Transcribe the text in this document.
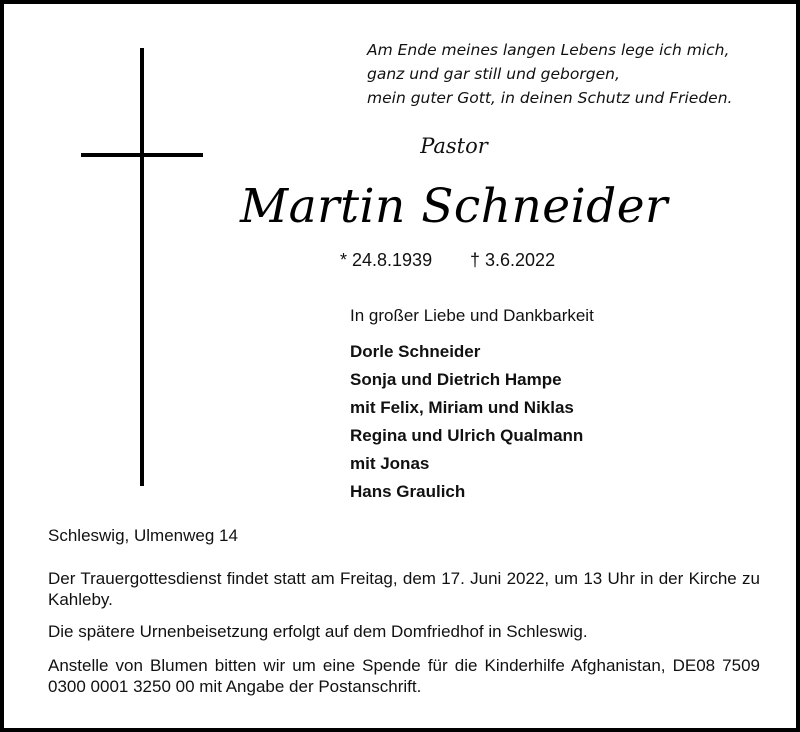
Am Ende meines langen Lebens lege ich mich,
ganz und gar still und geborgen,
mein guter Gott, in deinen Schutz und Frieden.
Pastor
Martin Schneider
* 24.8.1939 † 3.6.2022
In großer Liebe und Dankbarkeit
Dorle Schneider
Sonja und Dietrich Hampe
mit Felix, Miriam und Niklas
Regina und Ulrich Qualmann
mit Jonas
Hans Graulich
Schleswig, Ulmenweg 14
Der Trauergottesdienst findet statt am Freitag, dem 17. Juni 2022, um 13 Uhr in der Kirche zu Kahleby.
Die spätere Urnenbeisetzung erfolgt auf dem Domfriedhof in Schleswig.
Anstelle von Blumen bitten wir um eine Spende für die Kinderhilfe Afghanistan, DE08 7509 0300 0001 3250 00 mit Angabe der Postanschrift.
